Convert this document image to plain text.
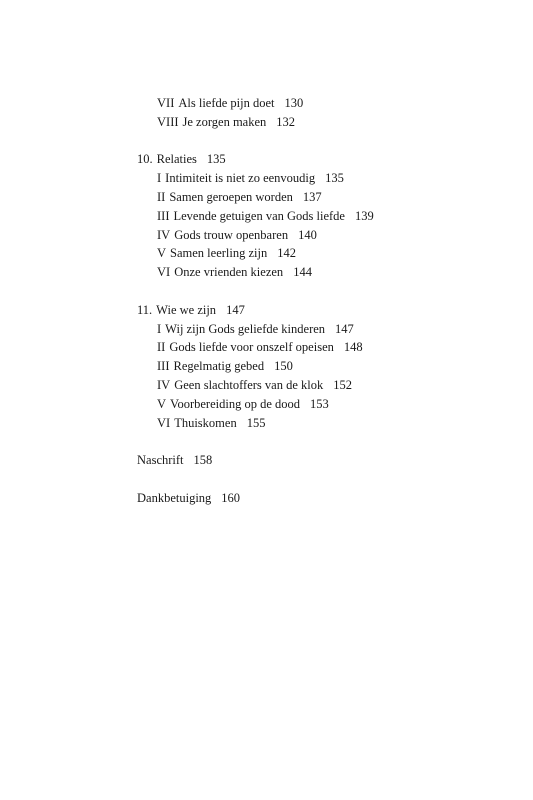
VII Als liefde pijn doet 130
VIII Je zorgen maken 132
10. Relaties 135
I Intimiteit is niet zo eenvoudig 135
II Samen geroepen worden 137
III Levende getuigen van Gods liefde 139
IV Gods trouw openbaren 140
V Samen leerling zijn 142
VI Onze vrienden kiezen 144
11. Wie we zijn 147
I Wij zijn Gods geliefde kinderen 147
II Gods liefde voor onszelf opeisen 148
III Regelmatig gebed 150
IV Geen slachtoffers van de klok 152
V Voorbereiding op de dood 153
VI Thuiskomen 155
Naschrift 158
Dankbetuiging 160
